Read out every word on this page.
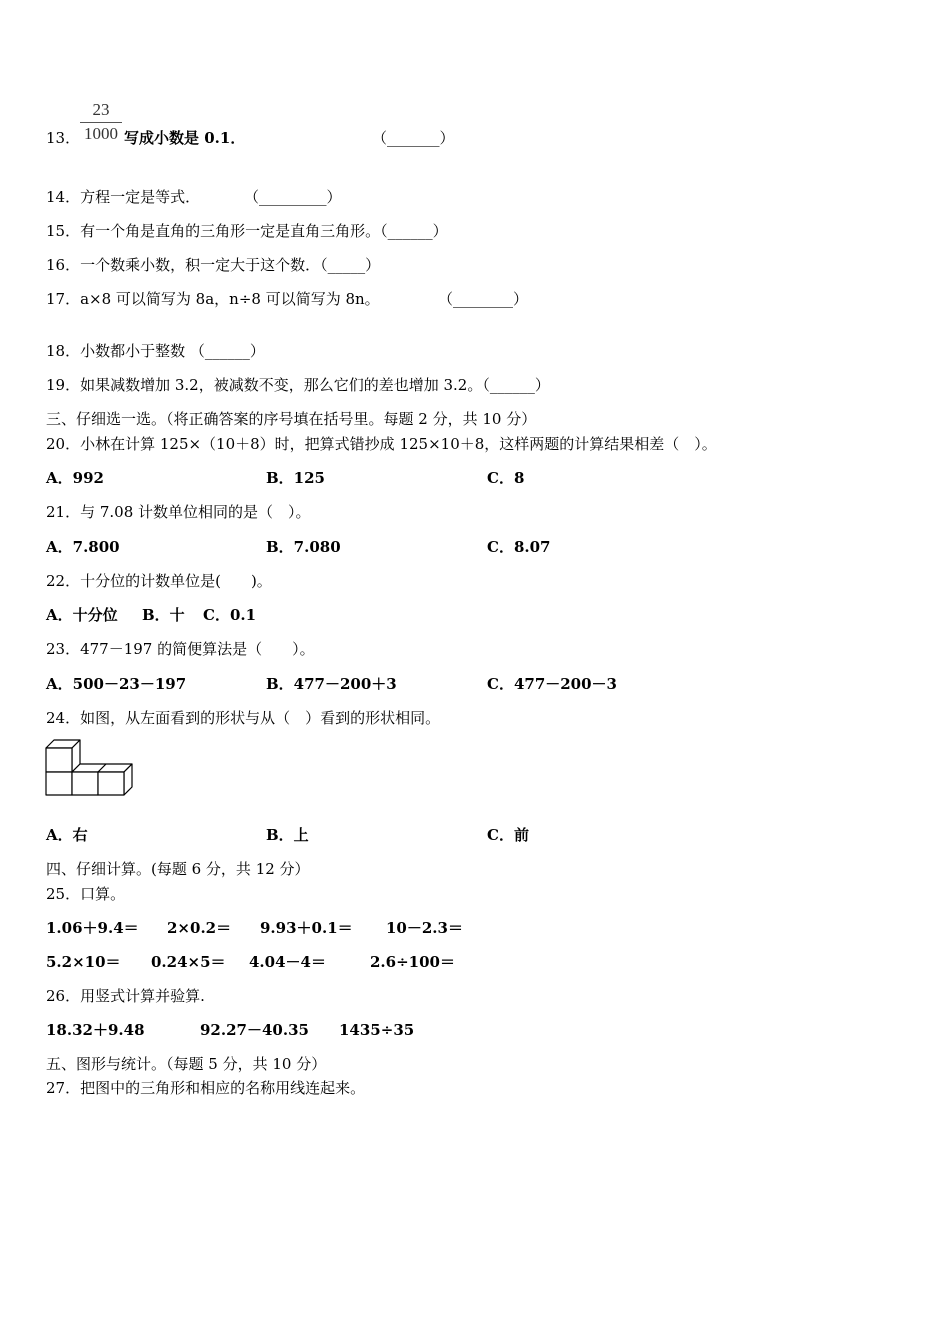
13．
23
1000 写成小数是 0.1．	（_______）
14．方程一定是等式．	（_________）
15．有一个角是直角的三角形一定是直角三角形。（______）
16．一个数乘小数，积一定大于这个数．（_____）
17．a×8 可以简写为 8a，n÷8 可以简写为 8n。	（________）
18．小数都小于整数 （______）
19．如果减数增加 3.2，被减数不变，那么它们的差也增加 3.2。（______）
三、仔细选一选。（将正确答案的序号填在括号里。每题 2 分，共 10 分）
20．小林在计算 125×（10＋8）时，把算式错抄成 125×10＋8，这样两题的计算结果相差（　）。
A．992	B．125	C．8
21．与 7.08 计数单位相同的是（　）。
A．7.800	B．7.080	C．8.07
22．十分位的计数单位是(　　)。
A．十分位 B．十 C．0.1
23．477－197 的简便算法是（　　）。
A．500－23－197	B．477－200＋3	C．477－200－3
24．如图，从左面看到的形状与从（　）看到的形状相同。
A．右	B．上	C．前
四、仔细计算。(每题 6 分，共 12 分）
25．口算。
1.06＋9.4＝ 2×0.2＝ 9.93＋0.1＝ 10－2.3＝
5.2×10＝ 0.24×5＝ 4.04－4＝	2.6÷100＝
26．用竖式计算并验算.
18.32＋9.48	92.27－40.35 1435÷35
五、图形与统计。（每题 5 分，共 10 分）
27．把图中的三角形和相应的名称用线连起来。
